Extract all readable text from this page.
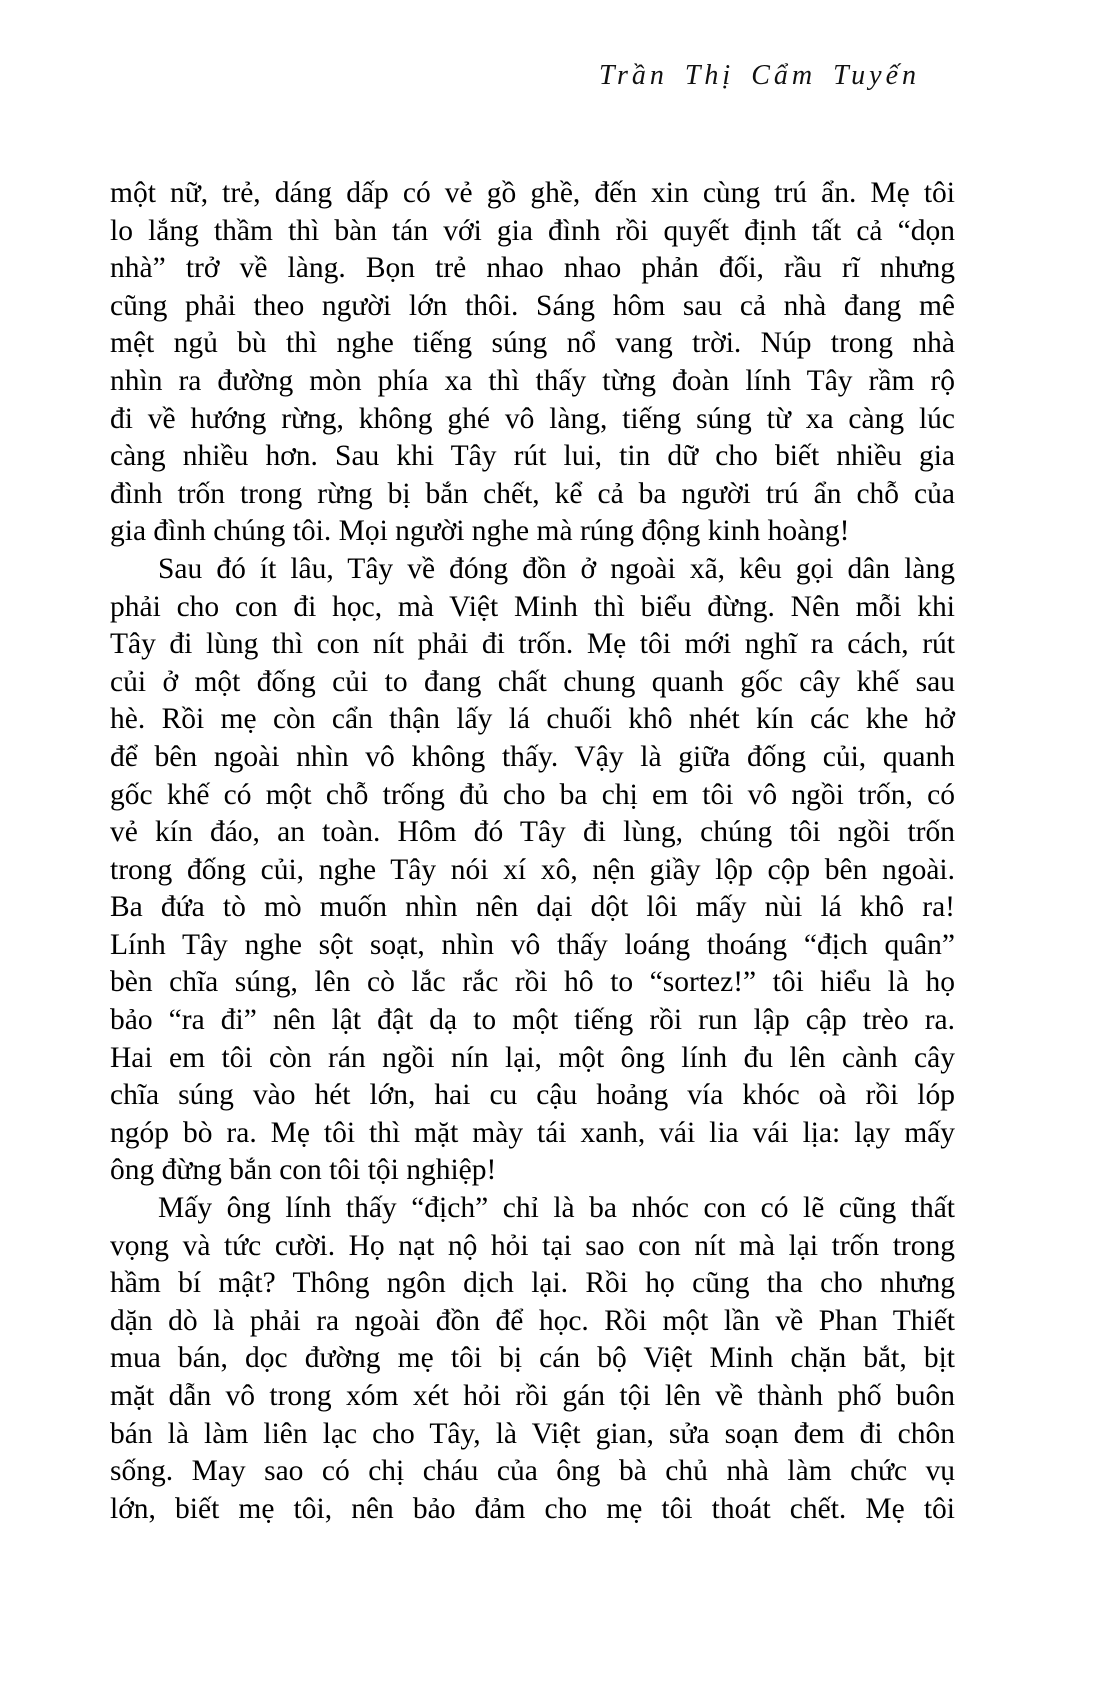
Trần Thị Cẩm Tuyến
một nữ, trẻ, dáng dấp có vẻ gồ ghề, đến xin cùng trú ẩn. Mẹ tôi
lo lắng thầm thì bàn tán với gia đình rồi quyết định tất cả “dọn
nhà” trở về làng. Bọn trẻ nhao nhao phản đối, rầu rĩ nhưng
cũng phải theo người lớn thôi. Sáng hôm sau cả nhà đang mê
mệt ngủ bù thì nghe tiếng súng nổ vang trời. Núp trong nhà
nhìn ra đường mòn phía xa thì thấy từng đoàn lính Tây rầm rộ
đi về hướng rừng, không ghé vô làng, tiếng súng từ xa càng lúc
càng nhiều hơn. Sau khi Tây rút lui, tin dữ cho biết nhiều gia
đình trốn trong rừng bị bắn chết, kể cả ba người trú ẩn chỗ của
gia đình chúng tôi. Mọi người nghe mà rúng động kinh hoàng!
Sau đó ít lâu, Tây về đóng đồn ở ngoài xã, kêu gọi dân làng
phải cho con đi học, mà Việt Minh thì biểu đừng. Nên mỗi khi
Tây đi lùng thì con nít phải đi trốn. Mẹ tôi mới nghĩ ra cách, rút
củi ở một đống củi to đang chất chung quanh gốc cây khế sau
hè. Rồi mẹ còn cẩn thận lấy lá chuối khô nhét kín các khe hở
để bên ngoài nhìn vô không thấy. Vậy là giữa đống củi, quanh
gốc khế có một chỗ trống đủ cho ba chị em tôi vô ngồi trốn, có
vẻ kín đáo, an toàn. Hôm đó Tây đi lùng, chúng tôi ngồi trốn
trong đống củi, nghe Tây nói xí xô, nện giầy lộp cộp bên ngoài.
Ba đứa tò mò muốn nhìn nên dại dột lôi mấy nùi lá khô ra!
Lính Tây nghe sột soạt, nhìn vô thấy loáng thoáng “địch quân”
bèn chĩa súng, lên cò lắc rắc rồi hô to “sortez!” tôi hiểu là họ
bảo “ra đi” nên lật đật dạ to một tiếng rồi run lập cập trèo ra.
Hai em tôi còn rán ngồi nín lại, một ông lính đu lên cành cây
chĩa súng vào hét lớn, hai cu cậu hoảng vía khóc oà rồi lóp
ngóp bò ra. Mẹ tôi thì mặt mày tái xanh, vái lia vái lịa: lạy mấy
ông đừng bắn con tôi tội nghiệp!
Mấy ông lính thấy “địch” chỉ là ba nhóc con có lẽ cũng thất
vọng và tức cười. Họ nạt nộ hỏi tại sao con nít mà lại trốn trong
hầm bí mật? Thông ngôn dịch lại. Rồi họ cũng tha cho nhưng
dặn dò là phải ra ngoài đồn để học. Rồi một lần về Phan Thiết
mua bán, dọc đường mẹ tôi bị cán bộ Việt Minh chặn bắt, bịt
mặt dẫn vô trong xóm xét hỏi rồi gán tội lên về thành phố buôn
bán là làm liên lạc cho Tây, là Việt gian, sửa soạn đem đi chôn
sống. May sao có chị cháu của ông bà chủ nhà làm chức vụ
lớn, biết mẹ tôi, nên bảo đảm cho mẹ tôi thoát chết. Mẹ tôi
